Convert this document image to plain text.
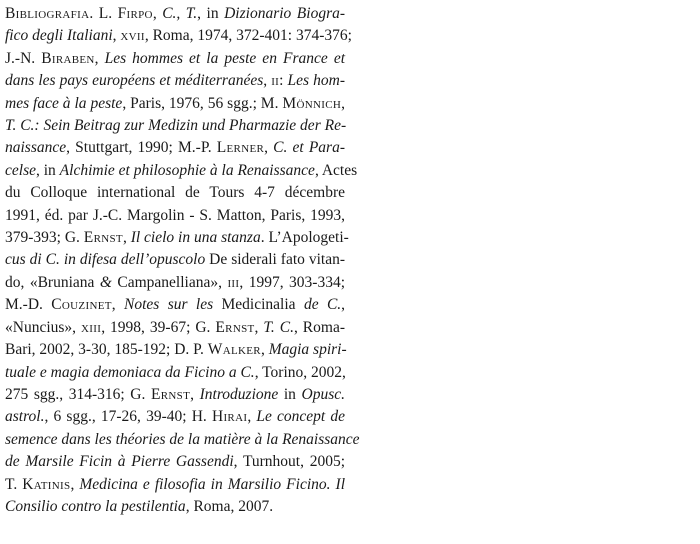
Bibliografia. L. Firpo, C., T., in Dizionario Biogra-
fico degli Italiani, xvii, Roma, 1974, 372-401: 374-376;
J.-N. Biraben, Les hommes et la peste en France et
dans les pays européens et méditerranées, ii: Les hom-
mes face à la peste, Paris, 1976, 56 sgg.; M. Mönnich,
T. C.: Sein Beitrag zur Medizin und Pharmazie der Re-
naissance, Stuttgart, 1990; M.-P. Lerner, C. et Para-
celse, in Alchimie et philosophie à la Renaissance, Actes
du Colloque international de Tours 4-7 décembre
1991, éd. par J.-C. Margolin - S. Matton, Paris, 1993,
379-393; G. Ernst, Il cielo in una stanza. L’Apologeti-
cus di C. in difesa dell’opuscolo De siderali fato vitan-
do, «Bruniana & Campanelliana», iii, 1997, 303-334;
M.-D. Couzinet, Notes sur les Medicinalia de C.,
«Nuncius», xiii, 1998, 39-67; G. Ernst, T. C., Roma-
Bari, 2002, 3-30, 185-192; D. P. Walker, Magia spiri-
tuale e magia demoniaca da Ficino a C., Torino, 2002,
275 sgg., 314-316; G. Ernst, Introduzione in Opusc.
astrol., 6 sgg., 17-26, 39-40; H. Hirai, Le concept de
semence dans les théories de la matière à la Renaissance
de Marsile Ficin à Pierre Gassendi, Turnhout, 2005;
T. Katinis, Medicina e filosofia in Marsilio Ficino. Il
Consilio contro la pestilentia, Roma, 2007.
